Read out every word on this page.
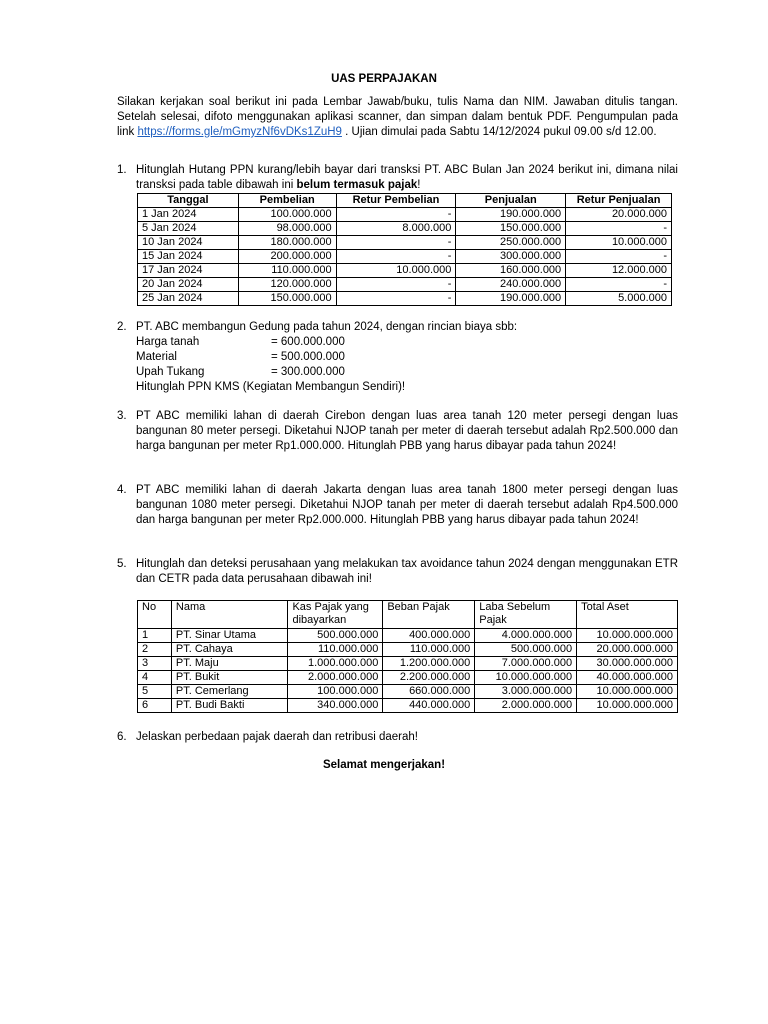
UAS PERPAJAKAN
Silakan kerjakan soal berikut ini pada Lembar Jawab/buku, tulis Nama dan NIM. Jawaban ditulis tangan. Setelah selesai, difoto menggunakan aplikasi scanner, dan simpan dalam bentuk PDF. Pengumpulan pada link https://forms.gle/mGmyzNf6vDKs1ZuH9 . Ujian dimulai pada Sabtu 14/12/2024 pukul 09.00 s/d 12.00.
1. Hitunglah Hutang PPN kurang/lebih bayar dari transksi PT. ABC Bulan Jan 2024 berikut ini, dimana nilai transksi pada table dibawah ini belum termasuk pajak!
Tanggal	Pembelian	Retur Pembelian	Penjualan	Retur Penjualan
1 Jan 2024	100.000.000	-	190.000.000	20.000.000
5 Jan 2024	98.000.000	8.000.000	150.000.000	-
10 Jan 2024	180.000.000	-	250.000.000	10.000.000
15 Jan 2024	200.000.000	-	300.000.000	-
17 Jan 2024	110.000.000	10.000.000	160.000.000	12.000.000
20 Jan 2024	120.000.000	-	240.000.000	-
25 Jan 2024	150.000.000	-	190.000.000	5.000.000
2. PT. ABC membangun Gedung pada tahun 2024, dengan rincian biaya sbb:
Harga tanah	= 600.000.000
Material	= 500.000.000
Upah Tukang	= 300.000.000
Hitunglah PPN KMS (Kegiatan Membangun Sendiri)!
3. PT ABC memiliki lahan di daerah Cirebon dengan luas area tanah 120 meter persegi dengan luas bangunan 80 meter persegi. Diketahui NJOP tanah per meter di daerah tersebut adalah Rp2.500.000 dan harga bangunan per meter Rp1.000.000. Hitunglah PBB yang harus dibayar pada tahun 2024!
4. PT ABC memiliki lahan di daerah Jakarta dengan luas area tanah 1800 meter persegi dengan luas bangunan 1080 meter persegi. Diketahui NJOP tanah per meter di daerah tersebut adalah Rp4.500.000 dan harga bangunan per meter Rp2.000.000. Hitunglah PBB yang harus dibayar pada tahun 2024!
5. Hitunglah dan deteksi perusahaan yang melakukan tax avoidance tahun 2024 dengan menggunakan ETR dan CETR pada data perusahaan dibawah ini!
No	Nama	Kas Pajak yang dibayarkan	Beban Pajak	Laba Sebelum Pajak	Total Aset
1	PT. Sinar Utama	500.000.000	400.000.000	4.000.000.000	10.000.000.000
2	PT. Cahaya	110.000.000	110.000.000	500.000.000	20.000.000.000
3	PT. Maju	1.000.000.000	1.200.000.000	7.000.000.000	30.000.000.000
4	PT. Bukit	2.000.000.000	2.200.000.000	10.000.000.000	40.000.000.000
5	PT. Cemerlang	100.000.000	660.000.000	3.000.000.000	10.000.000.000
6	PT. Budi Bakti	340.000.000	440.000.000	2.000.000.000	10.000.000.000
6. Jelaskan perbedaan pajak daerah dan retribusi daerah!
Selamat mengerjakan!
